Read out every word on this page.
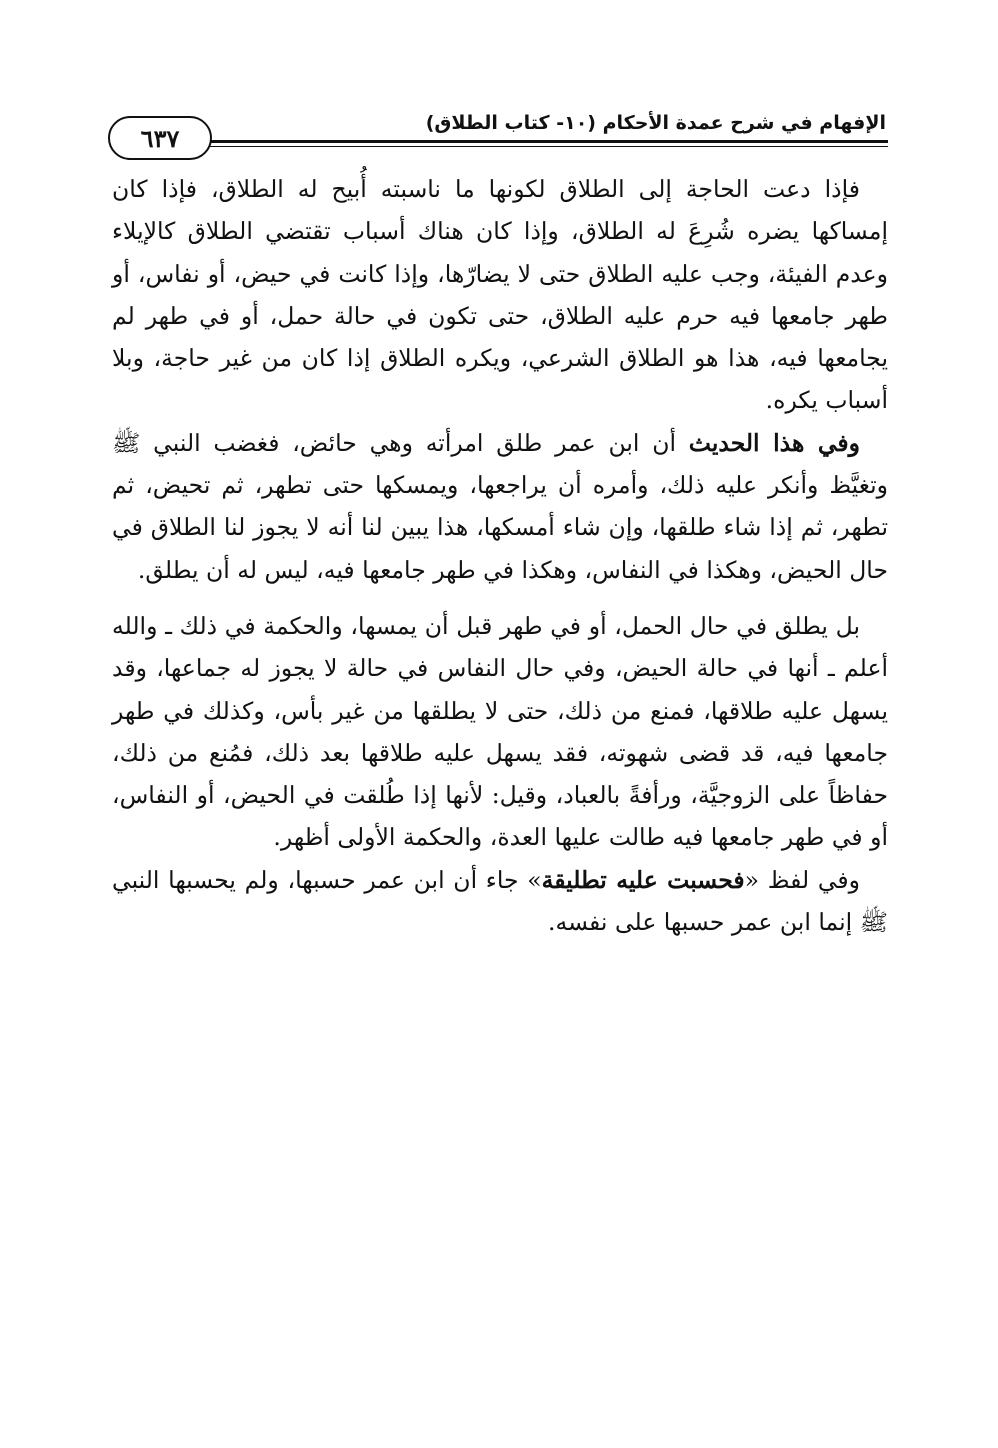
٦٣٧
الإفهام في شرح عمدة الأحكام (١٠- كتاب الطلاق)

فإذا دعت الحاجة إلى الطلاق لكونها ما ناسبته أُبيح له الطلاق، فإذا كان إمساكها يضره شُرِعَ له الطلاق، وإذا كان هناك أسباب تقتضي الطلاق كالإيلاء وعدم الفيئة، وجب عليه الطلاق حتى لا يضارّها، وإذا كانت في حيض، أو نفاس، أو طهر جامعها فيه حرم عليه الطلاق، حتى تكون في حالة حمل، أو في طهر لم يجامعها فيه، هذا هو الطلاق الشرعي، ويكره الطلاق إذا كان من غير حاجة، وبلا أسباب يكره.

وفي هذا الحديث أن ابن عمر طلق امرأته وهي حائض، فغضب النبي ﷺ وتغيَّظ وأنكر عليه ذلك، وأمره أن يراجعها، ويمسكها حتى تطهر، ثم تحيض، ثم تطهر، ثم إذا شاء طلقها، وإن شاء أمسكها، هذا يبين لنا أنه لا يجوز لنا الطلاق في حال الحيض، وهكذا في النفاس، وهكذا في طهر جامعها فيه، ليس له أن يطلق.

بل يطلق في حال الحمل، أو في طهر قبل أن يمسها، والحكمة في ذلك ـ والله أعلم ـ أنها في حالة الحيض، وفي حال النفاس في حالة لا يجوز له جماعها، وقد يسهل عليه طلاقها، فمنع من ذلك، حتى لا يطلقها من غير بأس، وكذلك في طهر جامعها فيه، قد قضى شهوته، فقد يسهل عليه طلاقها بعد ذلك، فمُنع من ذلك، حفاظاً على الزوجيَّة، ورأفةً بالعباد، وقيل: لأنها إذا طُلقت في الحيض، أو النفاس، أو في طهر جامعها فيه طالت عليها العدة، والحكمة الأولى أظهر.

وفي لفظ «فحسبت عليه تطليقة» جاء أن ابن عمر حسبها، ولم يحسبها النبي ﷺ إنما ابن عمر حسبها على نفسه.
